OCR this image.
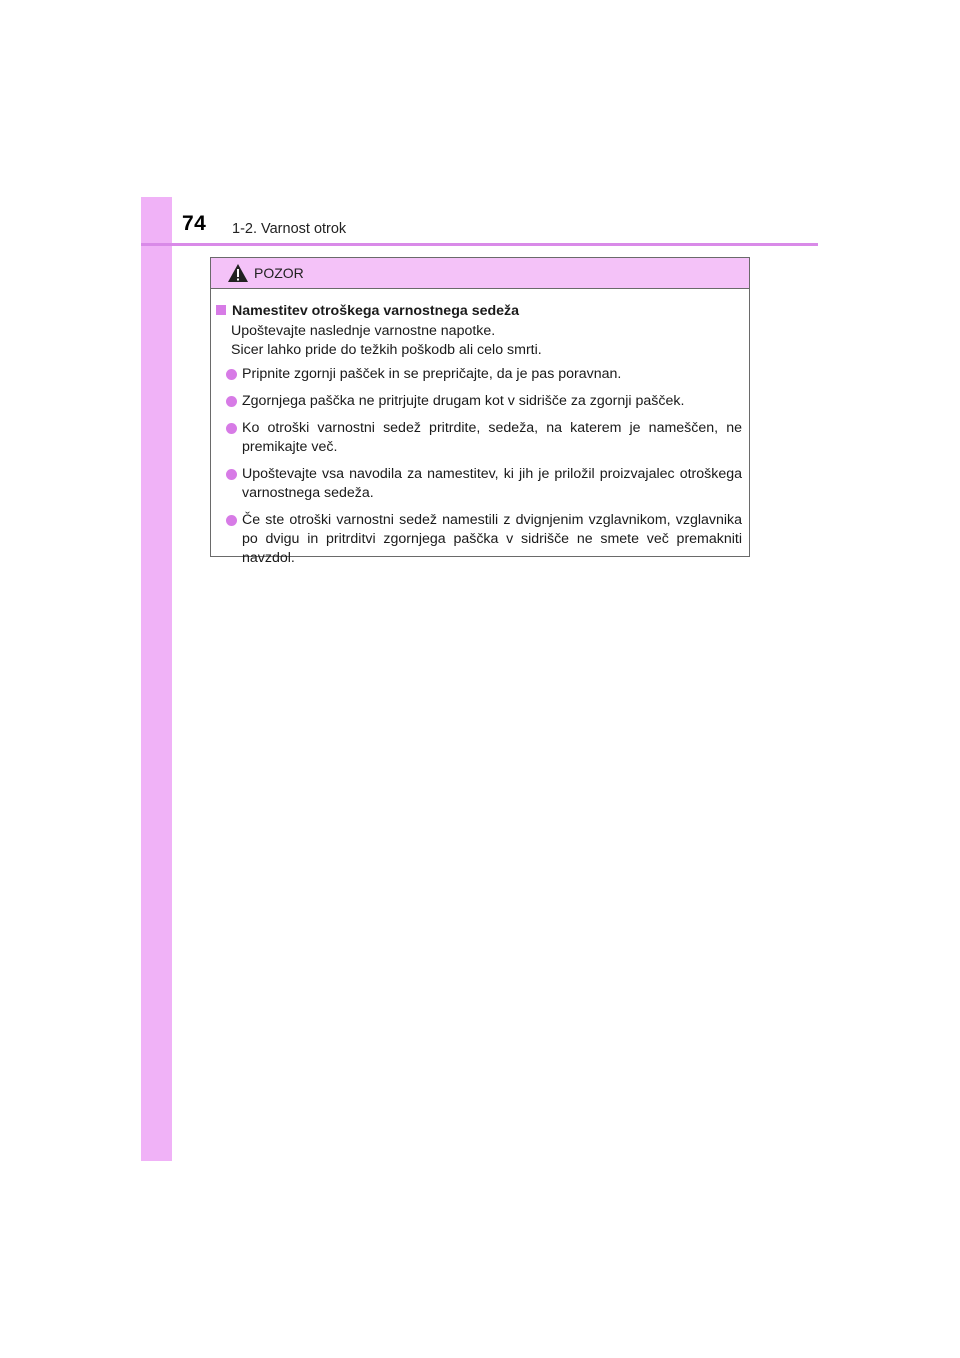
74 1-2. Varnost otrok
POZOR
Namestitev otroškega varnostnega sedeža
Upoštevajte naslednje varnostne napotke.
Sicer lahko pride do težkih poškodb ali celo smrti.
Pripnite zgornji pašček in se prepričajte, da je pas poravnan.
Zgornjega paščka ne pritrjujte drugam kot v sidrišče za zgornji pašček.
Ko otroški varnostni sedež pritrdite, sedeža, na katerem je nameščen, ne premikajte več.
Upoštevajte vsa navodila za namestitev, ki jih je priložil proizvajalec otroškega varnostnega sedeža.
Če ste otroški varnostni sedež namestili z dvignjenim vzglavnikom, vzglavnika po dvigu in pritrditvi zgornjega paščka v sidrišče ne smete več premakniti navzdol.
